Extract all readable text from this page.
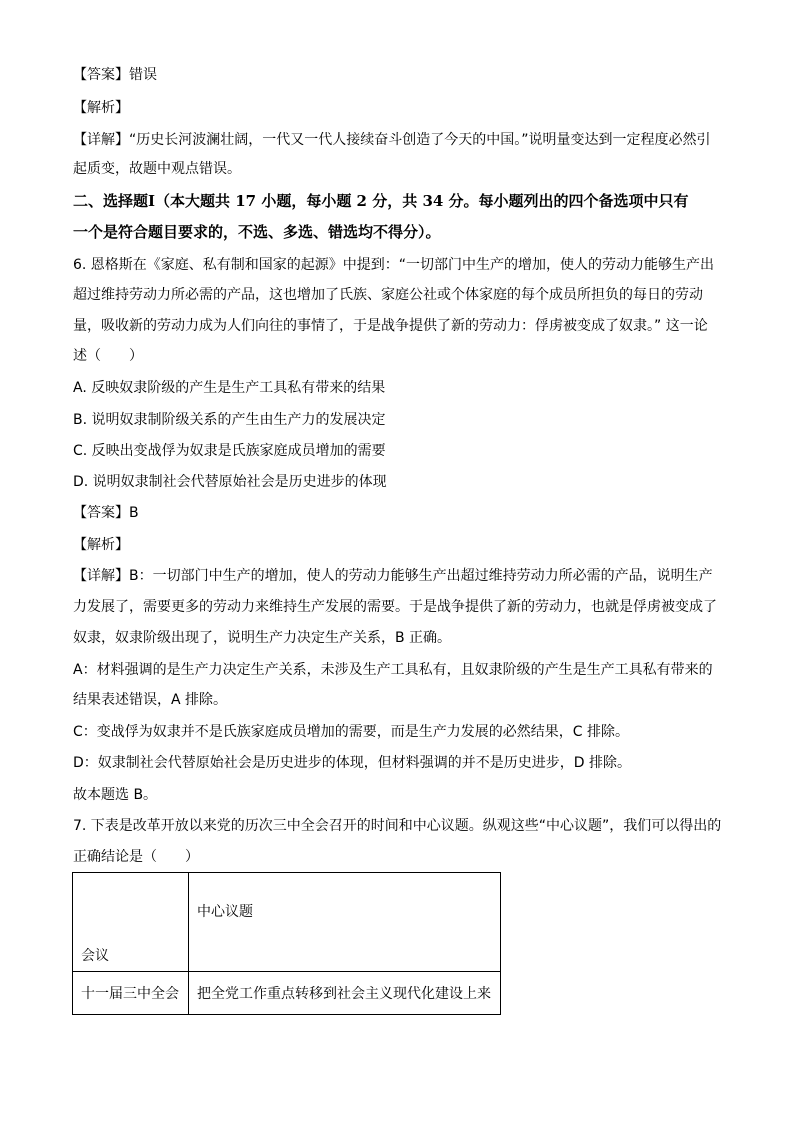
【答案】错误
【解析】
【详解】“历史长河波澜壮阔，一代又一代人接续奋斗创造了今天的中国。”说明量变达到一定程度必然引
起质变，故题中观点错误。
二、选择题Ⅰ（本大题共 17 小题，每小题 2 分，共 34 分。每小题列出的四个备选项中只有
一个是符合题目要求的，不选、多选、错选均不得分）。
6. 恩格斯在《家庭、私有制和国家的起源》中提到：“一切部门中生产的增加，使人的劳动力能够生产出
超过维持劳动力所必需的产品，这也增加了氏族、家庭公社或个体家庭的每个成员所担负的每日的劳动
量，吸收新的劳动力成为人们向往的事情了，于是战争提供了新的劳动力：俘虏被变成了奴隶。” 这一论
述（　　）
A. 反映奴隶阶级的产生是生产工具私有带来的结果
B. 说明奴隶制阶级关系的产生由生产力的发展决定
C. 反映出变战俘为奴隶是氏族家庭成员增加的需要
D. 说明奴隶制社会代替原始社会是历史进步的体现
【答案】B
【解析】
【详解】B：一切部门中生产的增加，使人的劳动力能够生产出超过维持劳动力所必需的产品，说明生产
力发展了，需要更多的劳动力来维持生产发展的需要。于是战争提供了新的劳动力，也就是俘虏被变成了
奴隶，奴隶阶级出现了，说明生产力决定生产关系，B 正确。
A：材料强调的是生产力决定生产关系，未涉及生产工具私有，且奴隶阶级的产生是生产工具私有带来的
结果表述错误，A 排除。
C：变战俘为奴隶并不是氏族家庭成员增加的需要，而是生产力发展的必然结果，C 排除。
D：奴隶制社会代替原始社会是历史进步的体现，但材料强调的并不是历史进步，D 排除。
故本题选 B。
7. 下表是改革开放以来党的历次三中全会召开的时间和中心议题。纵观这些“中心议题”，我们可以得出的
正确结论是（　　）
会议	中心议题
十一届三中全会	把全党工作重点转移到社会主义现代化建设上来
